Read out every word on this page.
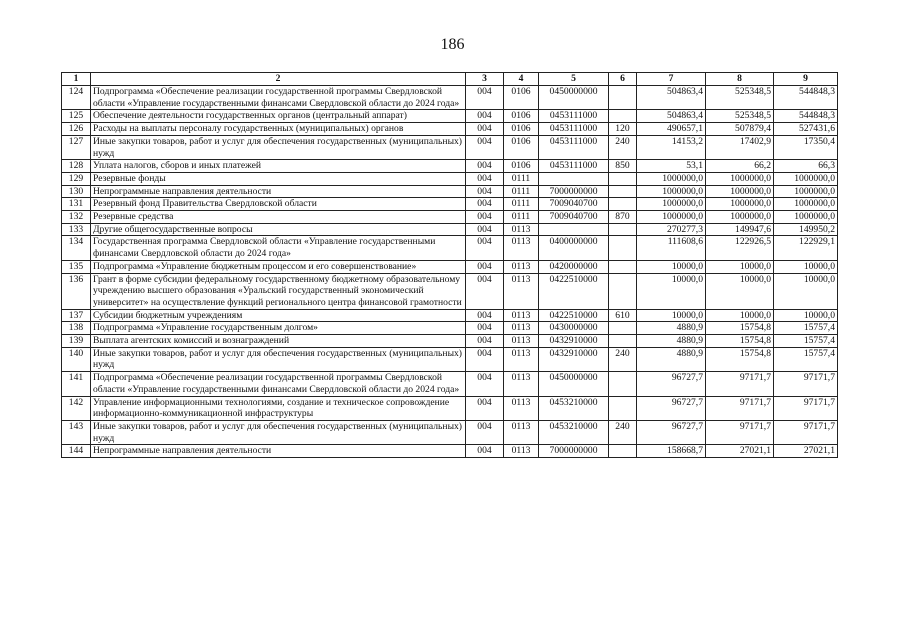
186
1	2	3	4	5	6	7	8	9
124	Подпрограмма «Обеспечение реализации государственной программы Свердловской области «Управление государственными финансами Свердловской области до 2024 года»	004	0106	0450000000		504863,4	525348,5	544848,3
125	Обеспечение деятельности государственных органов (центральный аппарат)	004	0106	0453111000		504863,4	525348,5	544848,3
126	Расходы на выплаты персоналу государственных (муниципальных) органов	004	0106	0453111000	120	490657,1	507879,4	527431,6
127	Иные закупки товаров, работ и услуг для обеспечения государственных (муниципальных) нужд	004	0106	0453111000	240	14153,2	17402,9	17350,4
128	Уплата налогов, сборов и иных платежей	004	0106	0453111000	850	53,1	66,2	66,3
129	Резервные фонды	004	0111			1000000,0	1000000,0	1000000,0
130	Непрограммные направления деятельности	004	0111	7000000000		1000000,0	1000000,0	1000000,0
131	Резервный фонд Правительства Свердловской области	004	0111	7009040700		1000000,0	1000000,0	1000000,0
132	Резервные средства	004	0111	7009040700	870	1000000,0	1000000,0	1000000,0
133	Другие общегосударственные вопросы	004	0113			270277,3	149947,6	149950,2
134	Государственная программа Свердловской области «Управление государственными финансами Свердловской области до 2024 года»	004	0113	0400000000		111608,6	122926,5	122929,1
135	Подпрограмма «Управление бюджетным процессом и его совершенствование»	004	0113	0420000000		10000,0	10000,0	10000,0
136	Грант в форме субсидии федеральному государственному бюджетному образовательному учреждению высшего образования «Уральский государственный экономический университет» на осуществление функций регионального центра финансовой грамотности	004	0113	0422510000		10000,0	10000,0	10000,0
137	Субсидии бюджетным учреждениям	004	0113	0422510000	610	10000,0	10000,0	10000,0
138	Подпрограмма «Управление государственным долгом»	004	0113	0430000000		4880,9	15754,8	15757,4
139	Выплата агентских комиссий и вознаграждений	004	0113	0432910000		4880,9	15754,8	15757,4
140	Иные закупки товаров, работ и услуг для обеспечения государственных (муниципальных) нужд	004	0113	0432910000	240	4880,9	15754,8	15757,4
141	Подпрограмма «Обеспечение реализации государственной программы Свердловской области «Управление государственными финансами Свердловской области до 2024 года»	004	0113	0450000000		96727,7	97171,7	97171,7
142	Управление информационными технологиями, создание и техническое сопровождение информационно-коммуникационной инфраструктуры	004	0113	0453210000		96727,7	97171,7	97171,7
143	Иные закупки товаров, работ и услуг для обеспечения государственных (муниципальных) нужд	004	0113	0453210000	240	96727,7	97171,7	97171,7
144	Непрограммные направления деятельности	004	0113	7000000000		158668,7	27021,1	27021,1
